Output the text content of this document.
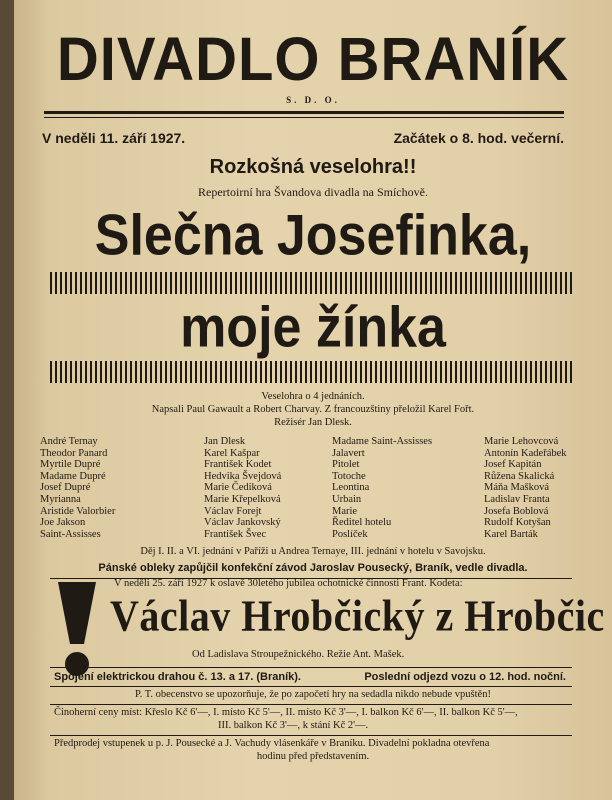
DIVADLO BRANÍK
S. D. O.
V neděli 11. září 1927.	Začátek o 8. hod. večerní.
Rozkošná veselohra!!
Repertoirní hra Švandova divadla na Smíchově.
Slečna Josefinka,
moje žínka
Veselohra o 4 jednáních.
Napsali Paul Gawault a Robert Charvay. Z francouzštiny přeložil Karel Fořt.
Režisér Jan Dlesk.
André Ternay	Jan Dlesk
Theodor Panard	Karel Kašpar
Myrtile Dupré	František Kodet
Madame Dupré	Hedvika Švejdová
Josef Dupré	Marie Čediková
Myrianna	Marie Křepelková
Aristide Valorbier	Václav Forejt
Joe Jakson	Václav Jankovský
Saint-Assisses	František Švec
Madame Saint-Assisses	Marie Lehovcová
Jalavert	Antonín Kadeřábek
Pitolet	Josef Kapitán
Totoche	Růžena Skalická
Leontina	Máňa Mašková
Urbain	Ladislav Franta
Marie	Josefa Boblová
Ředitel hotelu	Rudolf Kotyšan
Poslíček	Karel Barták
Děj I. II. a VI. jednání v Paříži u Andrea Ternaye, III. jednání v hotelu v Savojsku.
Pánské obleky zapůjčil konfekční závod Jaroslav Pousecký, Braník, vedle divadla.
V neděli 25. září 1927 k oslavě 30letého jubilea ochotnické činnosti Frant. Kodeta:
Václav Hrobčický z Hrobčic
Od Ladislava Stroupežnického. Režie Ant. Mašek.
Spojení elektrickou drahou č. 13. a 17. (Braník).	Poslední odjezd vozu o 12. hod. noční.
P. T. obecenstvo se upozorňuje, že po započetí hry na sedadla nikdo nebude vpuštěn!
Činoherní ceny míst: Křeslo Kč 6'—, I. místo Kč 5'—, II. místo Kč 3'—, I. balkon Kč 6'—, II. balkon Kč 5'—,
III. balkon Kč 3'—, k stání Kč 2'—.
Předprodej vstupenek u p. J. Pousecké a J. Vachudy vlásenkáře v Braníku. Divadelní pokladna otevřena
hodinu před představením.
